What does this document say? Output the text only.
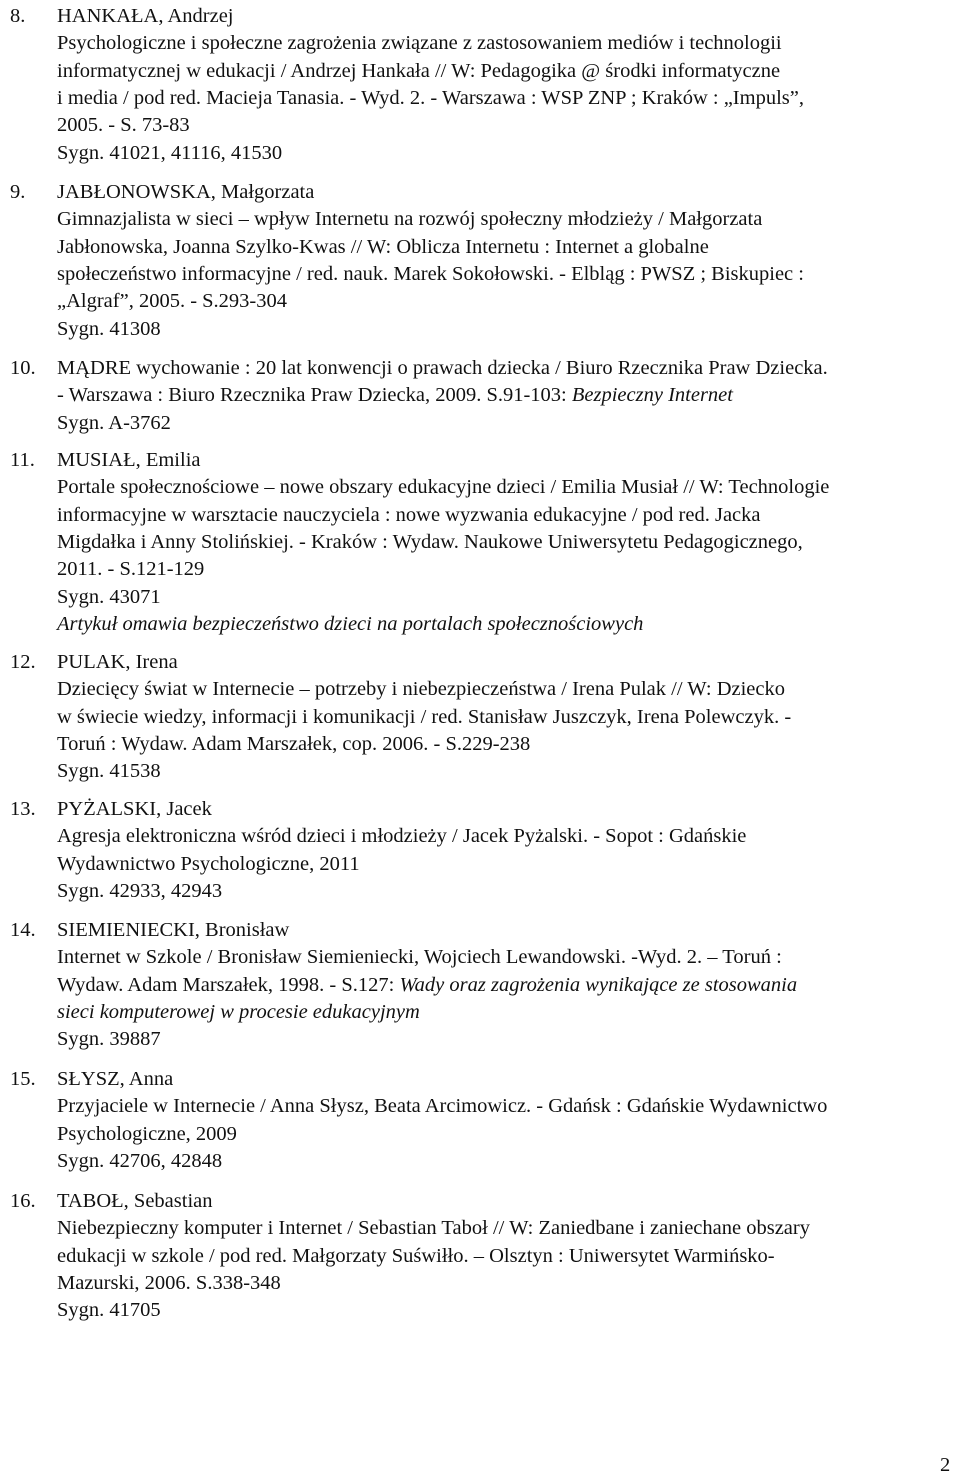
8. HANKAŁA, Andrzej
Psychologiczne i społeczne zagrożenia związane z zastosowaniem mediów i technologii
informatycznej w edukacji / Andrzej Hankała // W: Pedagogika @ środki informatyczne
i media / pod red. Macieja Tanasia. - Wyd. 2. - Warszawa : WSP ZNP ; Kraków : „Impuls”,
2005. - S. 73-83
Sygn. 41021, 41116, 41530
9. JABŁONOWSKA, Małgorzata
Gimnazjalista w sieci – wpływ Internetu na rozwój społeczny młodzieży / Małgorzata
Jabłonowska, Joanna Szylko-Kwas // W: Oblicza Internetu : Internet a globalne
społeczeństwo informacyjne / red. nauk. Marek Sokołowski. - Elbląg : PWSZ ; Biskupiec :
„Algraf”, 2005. - S.293-304
Sygn. 41308
10. MĄDRE wychowanie : 20 lat konwencji o prawach dziecka / Biuro Rzecznika Praw Dziecka.
- Warszawa : Biuro Rzecznika Praw Dziecka, 2009. S.91-103: Bezpieczny Internet
Sygn. A-3762
11. MUSIAŁ, Emilia
Portale społecznościowe – nowe obszary edukacyjne dzieci / Emilia Musiał // W: Technologie
informacyjne w warsztacie nauczyciela : nowe wyzwania edukacyjne / pod red. Jacka
Migdałka i Anny Stolińskiej. - Kraków : Wydaw. Naukowe Uniwersytetu Pedagogicznego,
2011. - S.121-129
Sygn. 43071
Artykuł omawia bezpieczeństwo dzieci na portalach społecznościowych
12. PULAK, Irena
Dziecięcy świat w Internecie – potrzeby i niebezpieczeństwa / Irena Pulak // W: Dziecko
w świecie wiedzy, informacji i komunikacji / red. Stanisław Juszczyk, Irena Polewczyk. -
Toruń : Wydaw. Adam Marszałek, cop. 2006. - S.229-238
Sygn. 41538
13. PYŻALSKI, Jacek
Agresja elektroniczna wśród dzieci i młodzieży / Jacek Pyżalski. - Sopot : Gdańskie
Wydawnictwo Psychologiczne, 2011
Sygn. 42933, 42943
14. SIEMIENIECKI, Bronisław
Internet w Szkole / Bronisław Siemieniecki, Wojciech Lewandowski. -Wyd. 2. – Toruń :
Wydaw. Adam Marszałek, 1998. - S.127: Wady oraz zagrożenia wynikające ze stosowania
sieci komputerowej w procesie edukacyjnym
Sygn. 39887
15. SŁYSZ, Anna
Przyjaciele w Internecie / Anna Słysz, Beata Arcimowicz. - Gdańsk : Gdańskie Wydawnictwo
Psychologiczne, 2009
Sygn. 42706, 42848
16. TABOŁ, Sebastian
Niebezpieczny komputer i Internet / Sebastian Taboł // W: Zaniedbane i zaniechane obszary
edukacji w szkole / pod red. Małgorzaty Suświłło. – Olsztyn : Uniwersytet Warmińsko-
Mazurski, 2006. S.338-348
Sygn. 41705
2
